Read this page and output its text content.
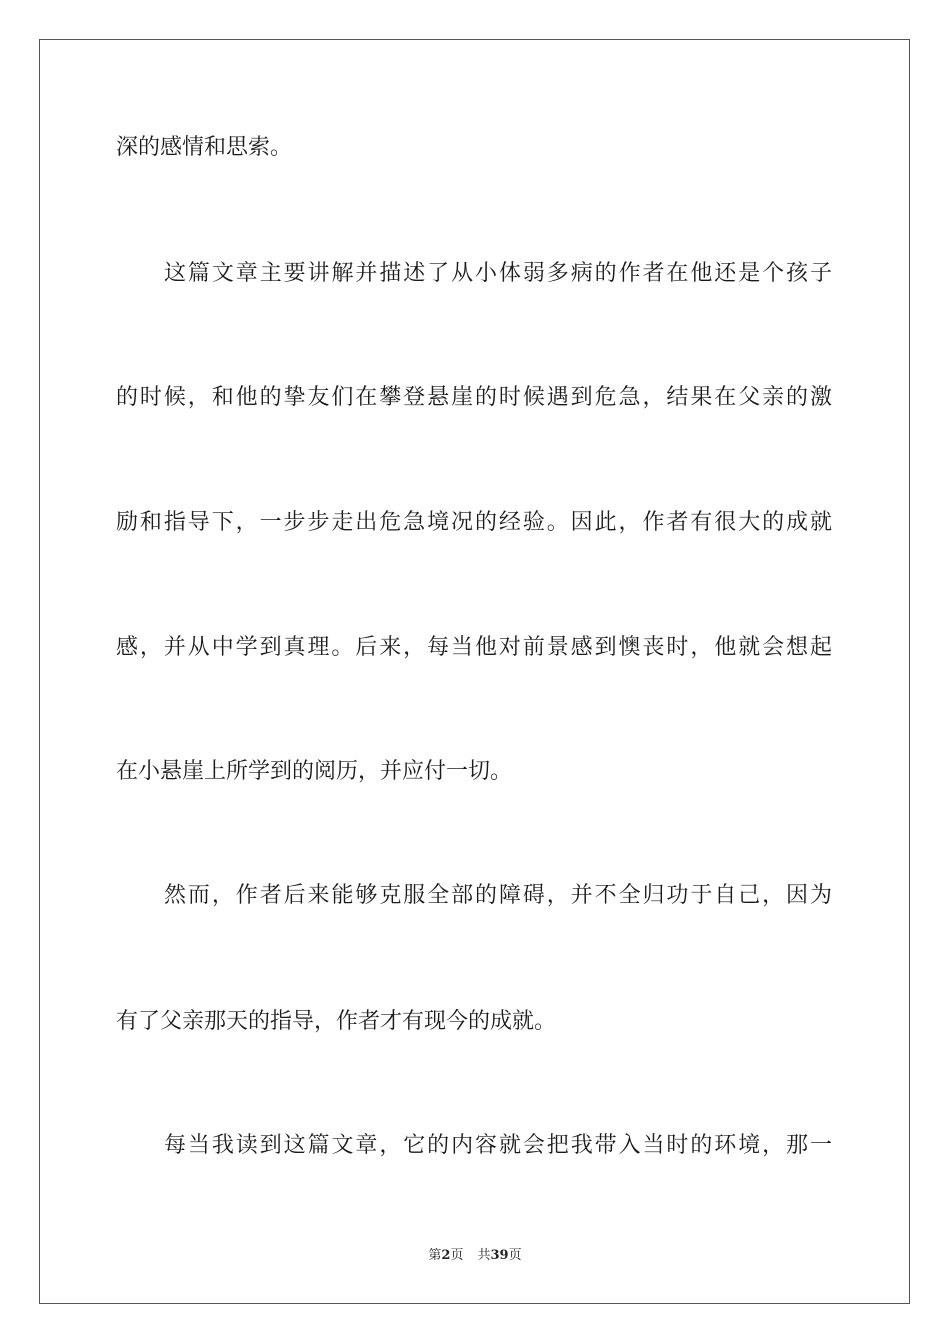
深的感情和思索。
这篇文章主要讲解并描述了从小体弱多病的作者在他还是个孩子
的时候，和他的挚友们在攀登悬崖的时候遇到危急，结果在父亲的激
励和指导下，一步步走出危急境况的经验。因此，作者有很大的成就
感，并从中学到真理。后来，每当他对前景感到懊丧时，他就会想起
在小悬崖上所学到的阅历，并应付一切。
然而，作者后来能够克服全部的障碍，并不全归功于自己，因为
有了父亲那天的指导，作者才有现今的成就。
每当我读到这篇文章，它的内容就会把我带入当时的环境，那一
第2页 共39页
